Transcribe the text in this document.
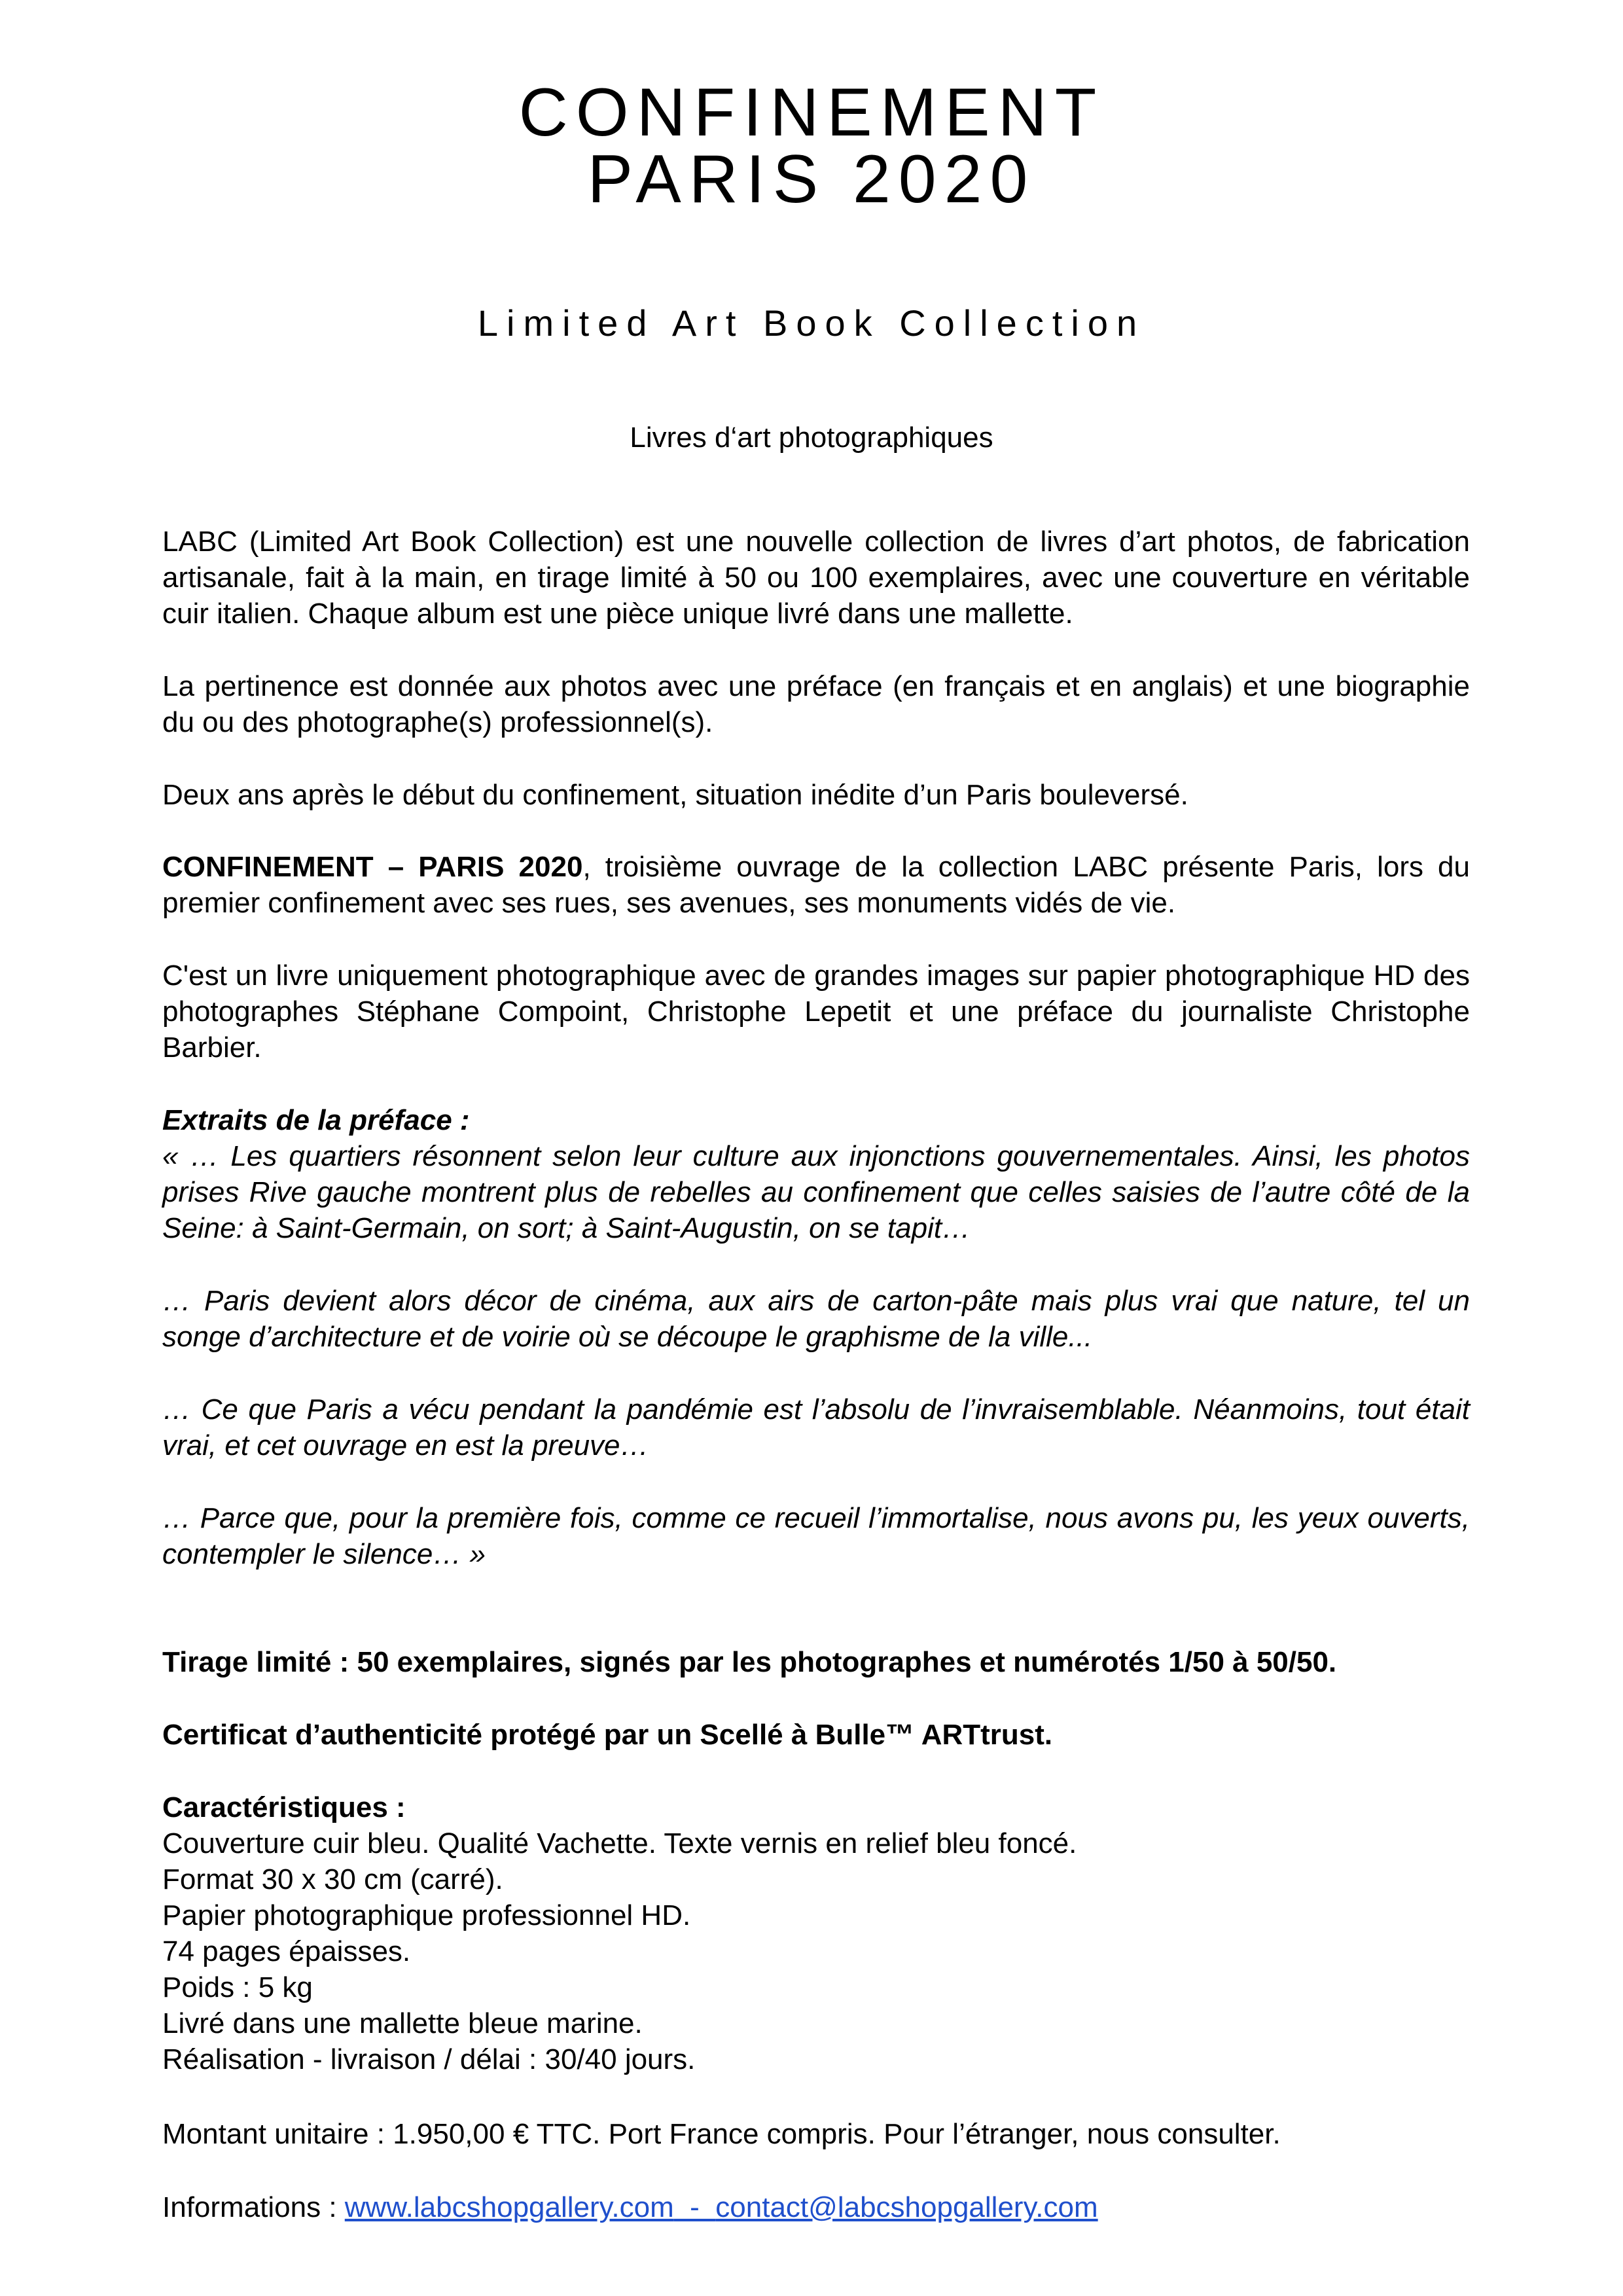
CONFINEMENT
PARIS 2020
Limited Art Book Collection

Livres d‘art photographiques

LABC (Limited Art Book Collection) est une nouvelle collection de livres d’art photos, de fabrication artisanale, fait à la main, en tirage limité à 50 ou 100 exemplaires, avec une couverture en véritable cuir italien. Chaque album est une pièce unique livré dans une mallette.

La pertinence est donnée aux photos avec une préface (en français et en anglais) et une biographie du ou des photographe(s) professionnel(s).

Deux ans après le début du confinement, situation inédite d’un Paris bouleversé.

CONFINEMENT – PARIS 2020, troisième ouvrage de la collection LABC présente Paris, lors du premier confinement avec ses rues, ses avenues, ses monuments vidés de vie.

C'est un livre uniquement photographique avec de grandes images sur papier photographique HD des photographes Stéphane Compoint, Christophe Lepetit et une préface du journaliste Christophe Barbier.

Extraits de la préface :

« … Les quartiers résonnent selon leur culture aux injonctions gouvernementales. Ainsi, les photos prises Rive gauche montrent plus de rebelles au confinement que celles saisies de l’autre côté de la Seine: à Saint-Germain, on sort; à Saint-Augustin, on se tapit…

… Paris devient alors décor de cinéma, aux airs de carton-pâte mais plus vrai que nature, tel un songe d’architecture et de voirie où se découpe le graphisme de la ville...

… Ce que Paris a vécu pendant la pandémie est l’absolu de l’invraisemblable. Néanmoins, tout était vrai, et cet ouvrage en est la preuve…

… Parce que, pour la première fois, comme ce recueil l’immortalise, nous avons pu, les yeux ouverts, contempler le silence… »

Tirage limité : 50 exemplaires, signés par les photographes et numérotés 1/50 à 50/50.

Certificat d’authenticité protégé par un Scellé à Bulle™ ARTtrust.

Caractéristiques :
Couverture cuir bleu. Qualité Vachette. Texte vernis en relief bleu foncé.
Format 30 x 30 cm (carré).
Papier photographique professionnel HD.
74 pages épaisses.
Poids : 5 kg
Livré dans une mallette bleue marine.
Réalisation - livraison / délai : 30/40 jours.

Montant unitaire : 1.950,00 € TTC. Port France compris. Pour l’étranger, nous consulter.

Informations : www.labcshopgallery.com  -  contact@labcshopgallery.com
